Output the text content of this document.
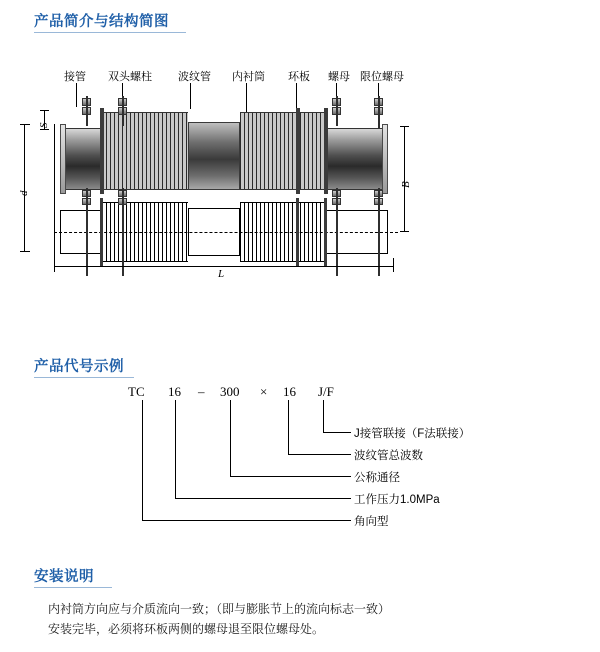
产品简介与结构简图
接管 双头螺柱 波纹管 内衬筒 环板 螺母 限位螺母
S
d
B
L
产品代号示例
TC 16 – 300 × 16 J/F
J接管联接（F法联接）
波纹管总波数
公称通径
工作压力1.0MPa
角向型
安装说明
内衬筒方向应与介质流向一致；（即与膨胀节上的流向标志一致）
安装完毕，必须将环板两侧的螺母退至限位螺母处。
